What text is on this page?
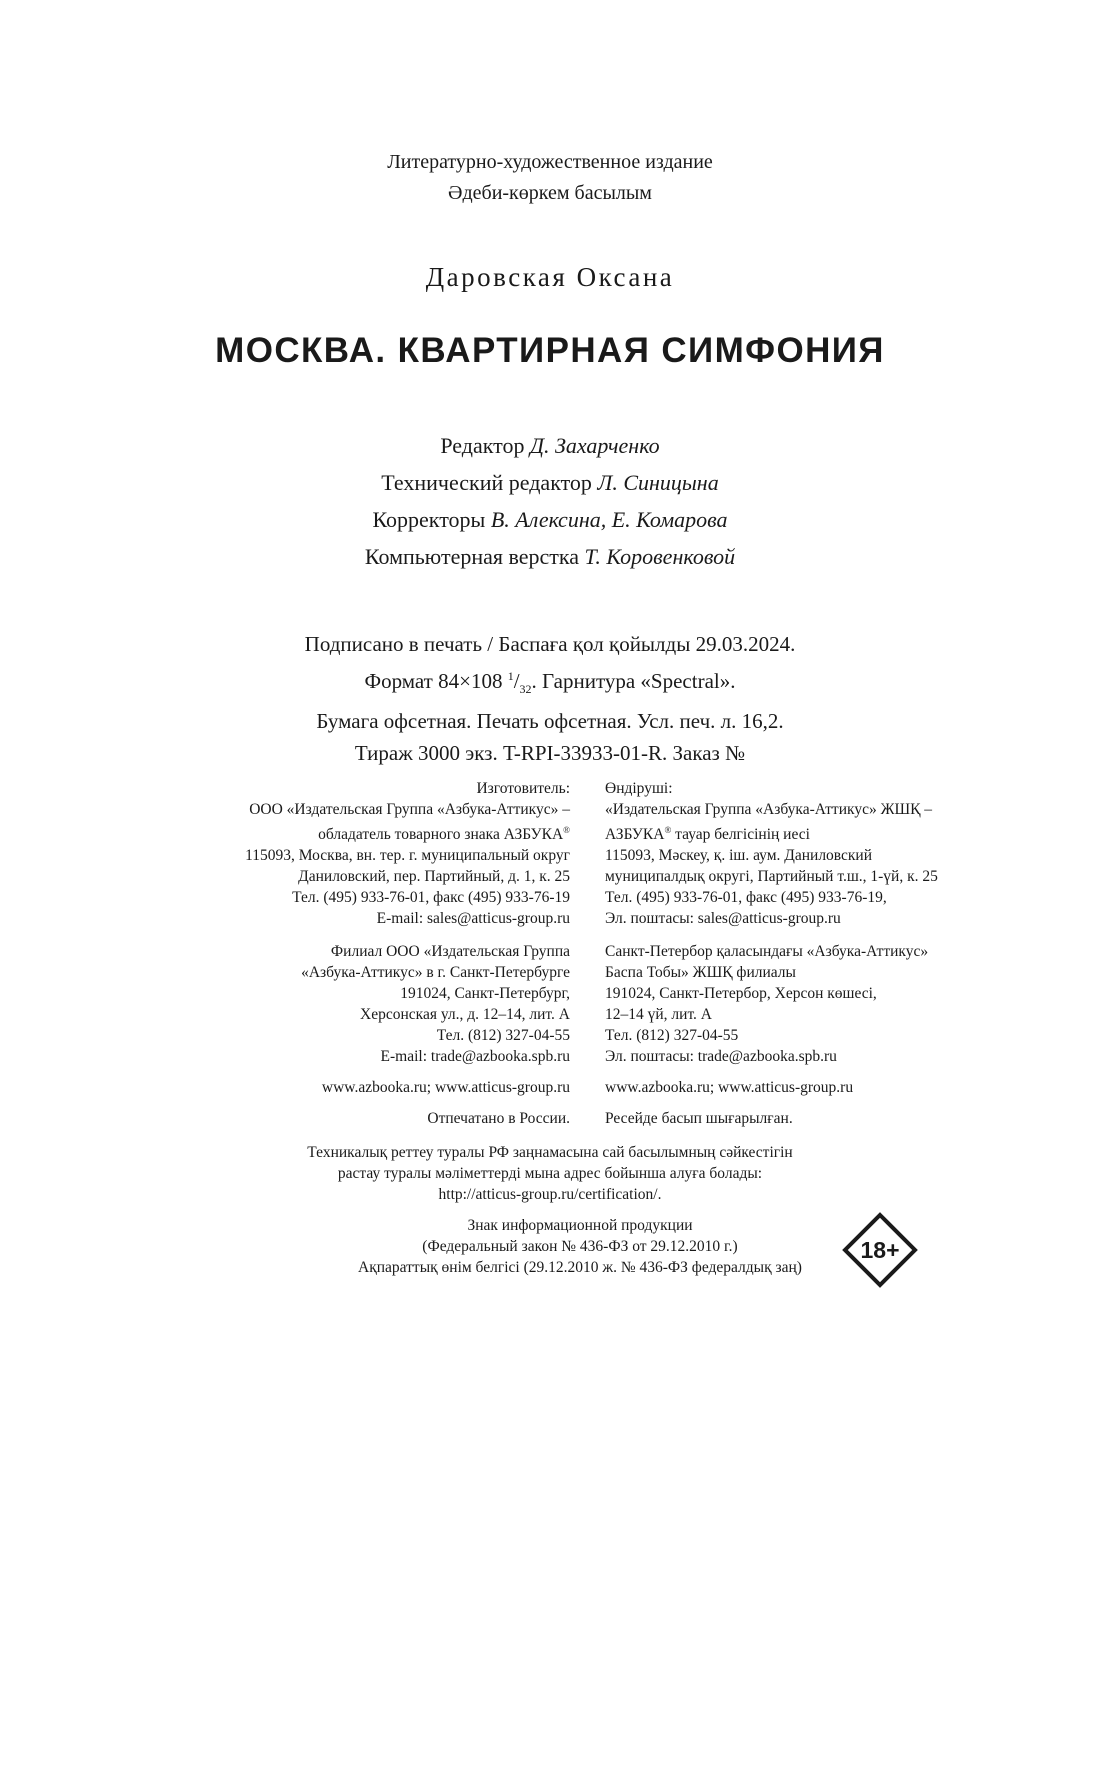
Литературно-художественное издание
Әдеби-көркем басылым
Даровская Оксана
МОСКВА. КВАРТИРНАЯ СИМФОНИЯ
Редактор Д. Захарченко
Технический редактор Л. Синицына
Корректоры В. Алексина, Е. Комарова
Компьютерная верстка Т. Коровенковой
Подписано в печать / Баспаға қол қойылды 29.03.2024.
Формат 84×108 $^1/_{32}$. Гарнитура «Spectral».
Бумага офсетная. Печать офсетная. Усл. печ. л. 16,2.
Тираж 3000 экз. T-RPI-33933-01-R. Заказ №
Изготовитель:
ООО «Издательская Группа «Азбука-Аттикус» –
обладатель товарного знака АЗБУКА®
115093, Москва, вн. тер. г. муниципальный округ
Даниловский, пер. Партийный, д. 1, к. 25
Тел. (495) 933-76-01, факс (495) 933-76-19
E-mail: sales@atticus-group.ru
Филиал ООО «Издательская Группа
«Азбука-Аттикус» в г. Санкт-Петербурге
191024, Санкт-Петербург,
Херсонская ул., д. 12–14, лит. А
Тел. (812) 327-04-55
E-mail: trade@azbooka.spb.ru
www.azbooka.ru; www.atticus-group.ru
Отпечатано в России.
Өндіруші:
«Издательская Группа «Азбука-Аттикус» ЖШҚ –
АЗБУКА® тауар белгісінің иесі
115093, Мәскеу, қ. іш. аум. Даниловский
муниципалдық округі, Партийный т.ш., 1-үй, к. 25
Тел. (495) 933-76-01, факс (495) 933-76-19,
Эл. поштасы: sales@atticus-group.ru
Санкт-Петербор қаласындағы «Азбука-Аттикус»
Баспа Тобы» ЖШҚ филиалы
191024, Санкт-Петербор, Херсон көшесі,
12–14 үй, лит. А
Тел. (812) 327-04-55
Эл. поштасы: trade@azbooka.spb.ru
www.azbooka.ru; www.atticus-group.ru
Ресейде басып шығарылған.
Техникалық реттеу туралы РФ заңнамасына сай басылымның сәйкестігін
растау туралы мәліметтерді мына адрес бойынша алуға болады:
http://atticus-group.ru/certification/.
Знак информационной продукции
(Федеральный закон № 436-ФЗ от 29.12.2010 г.)
Ақпараттық өнім белгісі (29.12.2010 ж. № 436-ФЗ федералдық заң)
18+
